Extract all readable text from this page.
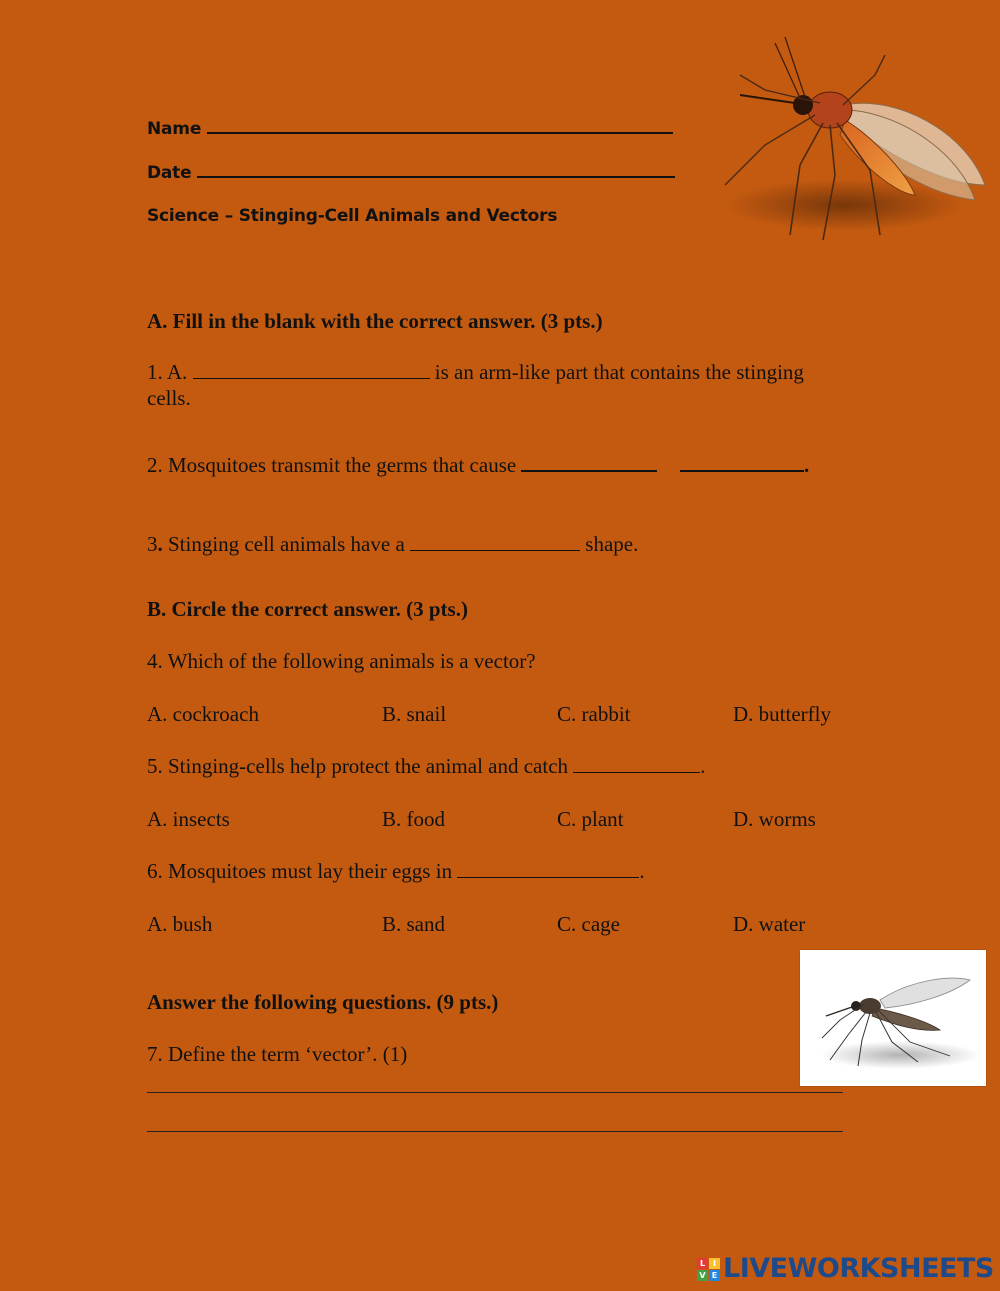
Name
Date
Science – Stinging-Cell Animals and Vectors
A. Fill in the blank with the correct answer. (3 pts.)
1. A.	is an arm-like part that contains the stinging
cells.
2. Mosquitoes transmit the germs that cause	.
3. Stinging cell animals have a	shape.
B. Circle the correct answer. (3 pts.)
4. Which of the following animals is a vector?
A. cockroach	B. snail	C. rabbit	D. butterfly
5. Stinging-cells help protect the animal and catch	.
A. insects	B. food	C. plant	D. worms
6. Mosquitoes must lay their eggs in	.
A. bush	B. sand	C. cage	D. water
Answer the following questions. (9 pts.)
7. Define the term ‘vector’. (1)
L I
V E LIVEWORKSHEETS
